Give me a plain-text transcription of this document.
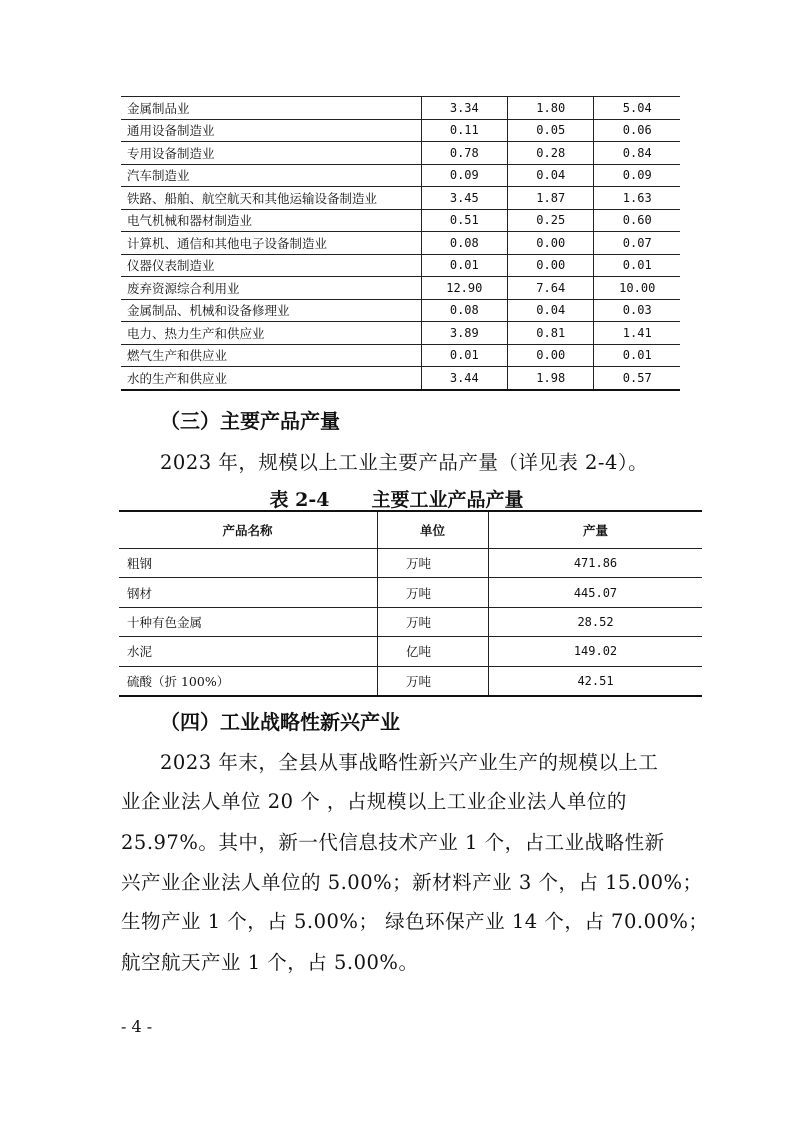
金属制品业	3.34	1.80	5.04
通用设备制造业	0.11	0.05	0.06
专用设备制造业	0.78	0.28	0.84
汽车制造业	0.09	0.04	0.09
铁路、船舶、航空航天和其他运输设备制造业	3.45	1.87	1.63
电气机械和器材制造业	0.51	0.25	0.60
计算机、通信和其他电子设备制造业	0.08	0.00	0.07
仪器仪表制造业	0.01	0.00	0.01
废弃资源综合利用业	12.90	7.64	10.00
金属制品、机械和设备修理业	0.08	0.04	0.03
电力、热力生产和供应业	3.89	0.81	1.41
燃气生产和供应业	0.01	0.00	0.01
水的生产和供应业	3.44	1.98	0.57
（三）主要产品产量
2023 年，规模以上工业主要产品产量（详见表 2-4）。
表 2-4 主要工业产品产量
产品名称	单位	产量
粗钢	万吨	471.86
钢材	万吨	445.07
十种有色金属	万吨	28.52
水泥	亿吨	149.02
硫酸（折 100%）	万吨	42.51
（四）工业战略性新兴产业
2023 年末，全县从事战略性新兴产业生产的规模以上工
业企业法人单位 20 个 ，占规模以上工业企业法人单位的
25.97%。其中，新一代信息技术产业 1 个，占工业战略性新
兴产业企业法人单位的 5.00%；新材料产业 3 个，占 15.00%；
生物产业 1 个，占 5.00%； 绿色环保产业 14 个，占 70.00%；
航空航天产业 1 个，占 5.00%。
- 4 -
